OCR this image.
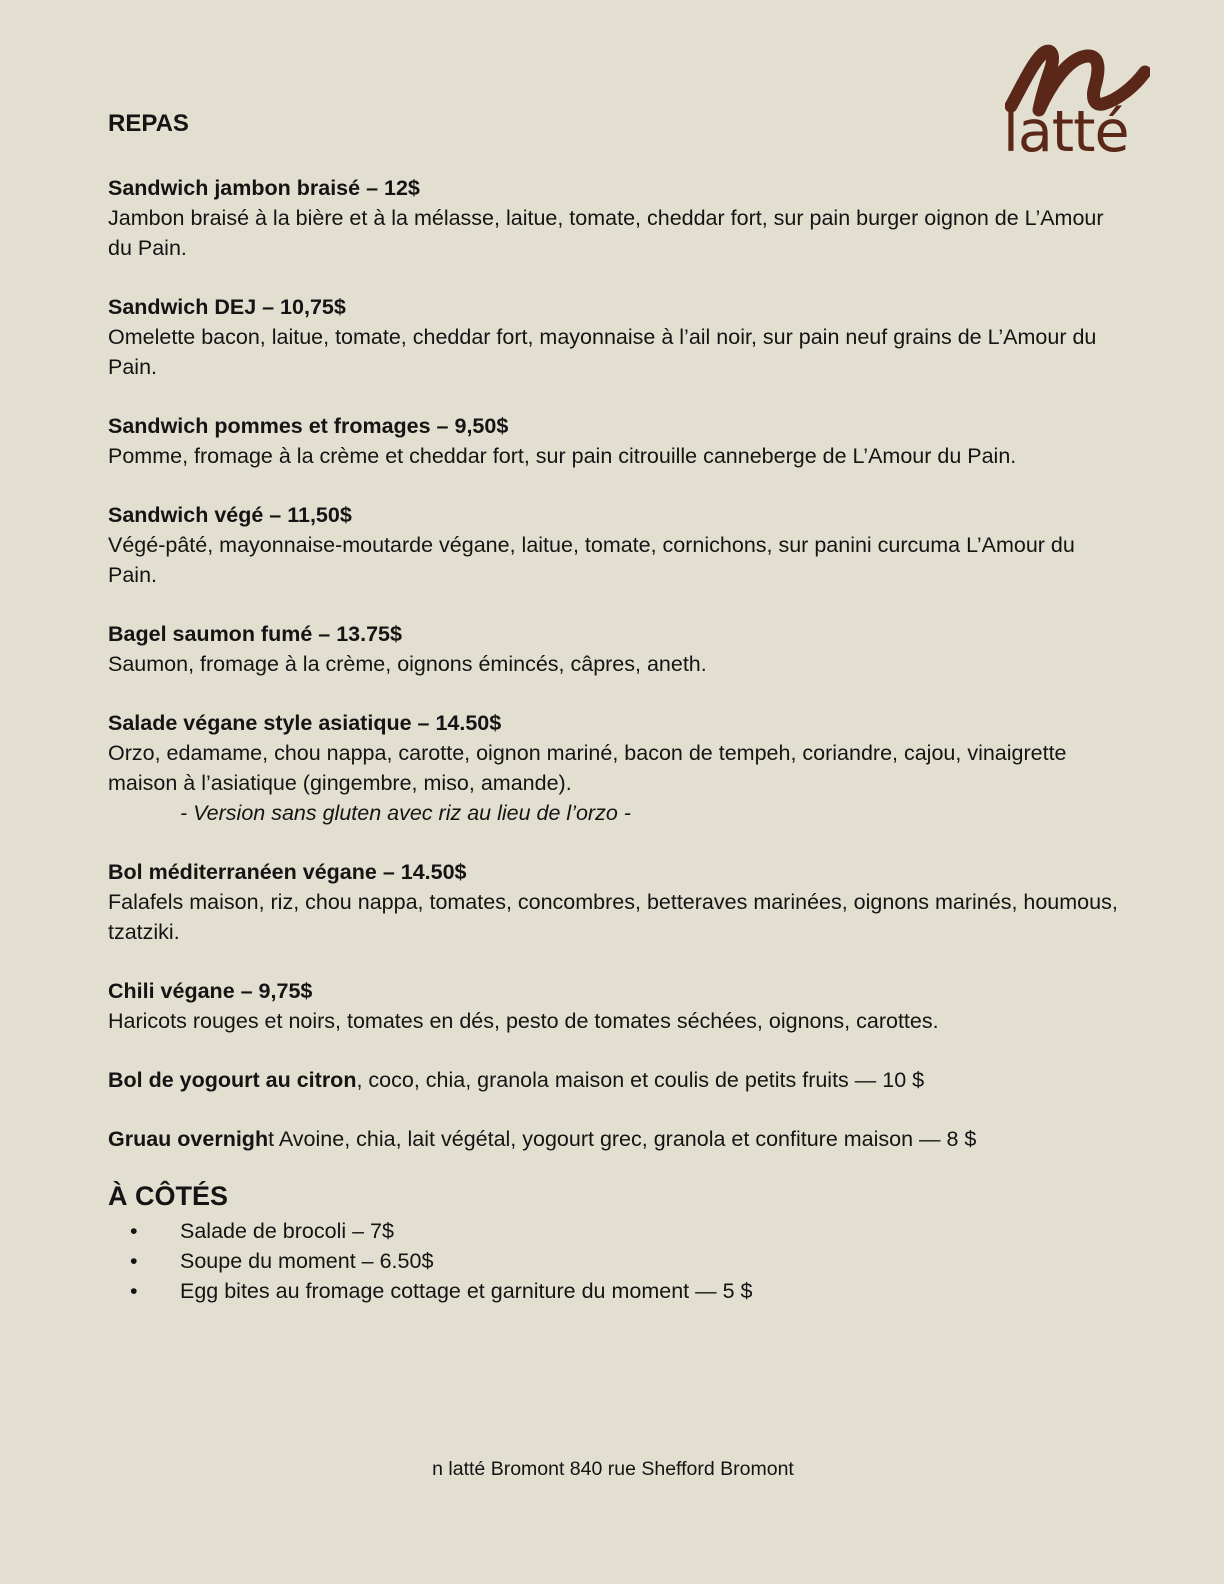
latté
REPAS
Sandwich jambon braisé – 12$
Jambon braisé à la bière et à la mélasse, laitue, tomate, cheddar fort, sur pain burger oignon de L’Amour du Pain.
Sandwich DEJ – 10,75$
Omelette bacon, laitue, tomate, cheddar fort, mayonnaise à l’ail noir, sur pain neuf grains de L’Amour du Pain.
Sandwich pommes et fromages – 9,50$
Pomme, fromage à la crème et cheddar fort, sur pain citrouille canneberge de L’Amour du Pain.
Sandwich végé – 11,50$
Végé-pâté, mayonnaise-moutarde végane, laitue, tomate, cornichons, sur panini curcuma L’Amour du Pain.
Bagel saumon fumé – 13.75$
Saumon, fromage à la crème, oignons émincés, câpres, aneth.
Salade végane style asiatique – 14.50$
Orzo, edamame, chou nappa, carotte, oignon mariné, bacon de tempeh, coriandre, cajou, vinaigrette maison à l’asiatique (gingembre, miso, amande).
- Version sans gluten avec riz au lieu de l’orzo -
Bol méditerranéen végane – 14.50$
Falafels maison, riz, chou nappa, tomates, concombres, betteraves marinées, oignons marinés, houmous, tzatziki.
Chili végane – 9,75$
Haricots rouges et noirs, tomates en dés, pesto de tomates séchées, oignons, carottes.
Bol de yogourt au citron, coco, chia, granola maison et coulis de petits fruits — 10 $
Gruau overnight Avoine, chia, lait végétal, yogourt grec, granola et confiture maison — 8 $
À CÔTÉS
• Salade de brocoli – 7$
• Soupe du moment – 6.50$
• Egg bites au fromage cottage et garniture du moment — 5 $
n latté Bromont 840 rue Shefford Bromont
